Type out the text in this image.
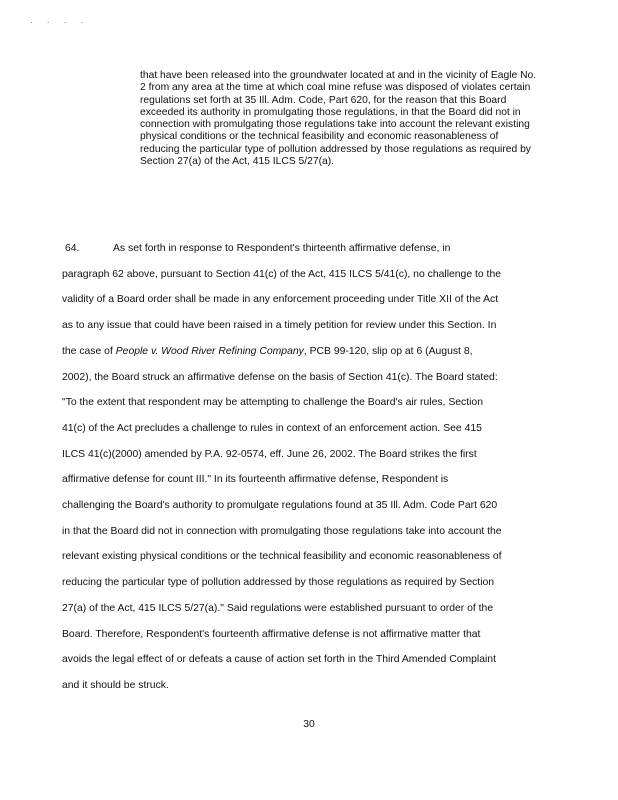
· · · ·

that have been released into the groundwater located at and in the vicinity of Eagle No. 2 from any area at the time at which coal mine refuse was disposed of violates certain regulations set forth at 35 Ill. Adm. Code, Part 620, for the reason that this Board exceeded its authority in promulgating those regulations, in that the Board did not in connection with promulgating those regulations take into account the relevant existing physical conditions or the technical feasibility and economic reasonableness of reducing the particular type of pollution addressed by those regulations as required by Section 27(a) of the Act, 415 ILCS 5/27(a).

64.	As set forth in response to Respondent's thirteenth affirmative defense, in
paragraph 62 above, pursuant to Section 41(c) of the Act, 415 ILCS 5/41(c), no challenge to the
validity of a Board order shall be made in any enforcement proceeding under Title XII of the Act
as to any issue that could have been raised in a timely petition for review under this Section. In
the case of People v. Wood River Refining Company, PCB 99-120, slip op at 6 (August 8,
2002), the Board struck an affirmative defense on the basis of Section 41(c). The Board stated:
"To the extent that respondent may be attempting to challenge the Board's air rules, Section
41(c) of the Act precludes a challenge to rules in context of an enforcement action. See 415
ILCS 41(c)(2000) amended by P.A. 92-0574, eff. June 26, 2002. The Board strikes the first
affirmative defense for count III." In its fourteenth affirmative defense, Respondent is
challenging the Board's authority to promulgate regulations found at 35 Ill. Adm. Code Part 620
in that the Board did not in connection with promulgating those regulations take into account the
relevant existing physical conditions or the technical feasibility and economic reasonableness of
reducing the particular type of pollution addressed by those regulations as required by Section
27(a) of the Act, 415 ILCS 5/27(a)." Said regulations were established pursuant to order of the
Board. Therefore, Respondent's fourteenth affirmative defense is not affirmative matter that
avoids the legal effect of or defeats a cause of action set forth in the Third Amended Complaint
and it should be struck.
30
